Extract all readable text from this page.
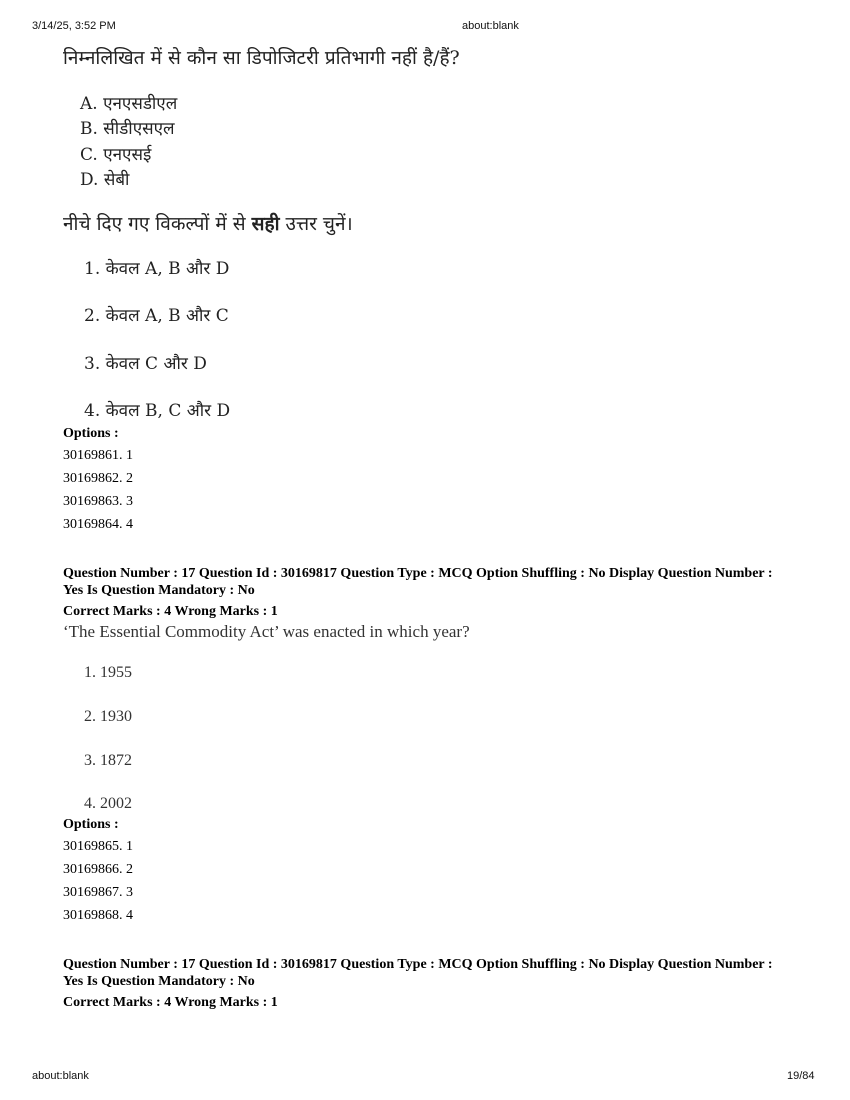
3/14/25, 3:52 PM	about:blank
निम्नलिखित में से कौन सा डिपोजिटरी प्रतिभागी नहीं है/हैं?
A. एनएसडीएल
B. सीडीएसएल
C. एनएसई
D. सेबी
नीचे दिए गए विकल्पों में से सही उत्तर चुनें।
1. केवल A, B और D
2. केवल A, B और C
3. केवल C और D
4. केवल B, C और D
Options :
30169861. 1
30169862. 2
30169863. 3
30169864. 4
Question Number : 17 Question Id : 30169817 Question Type : MCQ Option Shuffling : No Display Question Number : Yes Is Question Mandatory : No
Correct Marks : 4 Wrong Marks : 1
‘The Essential Commodity Act’ was enacted in which year?
1. 1955
2. 1930
3. 1872
4. 2002
Options :
30169865. 1
30169866. 2
30169867. 3
30169868. 4
Question Number : 17 Question Id : 30169817 Question Type : MCQ Option Shuffling : No Display Question Number : Yes Is Question Mandatory : No
Correct Marks : 4 Wrong Marks : 1
about:blank	19/84
